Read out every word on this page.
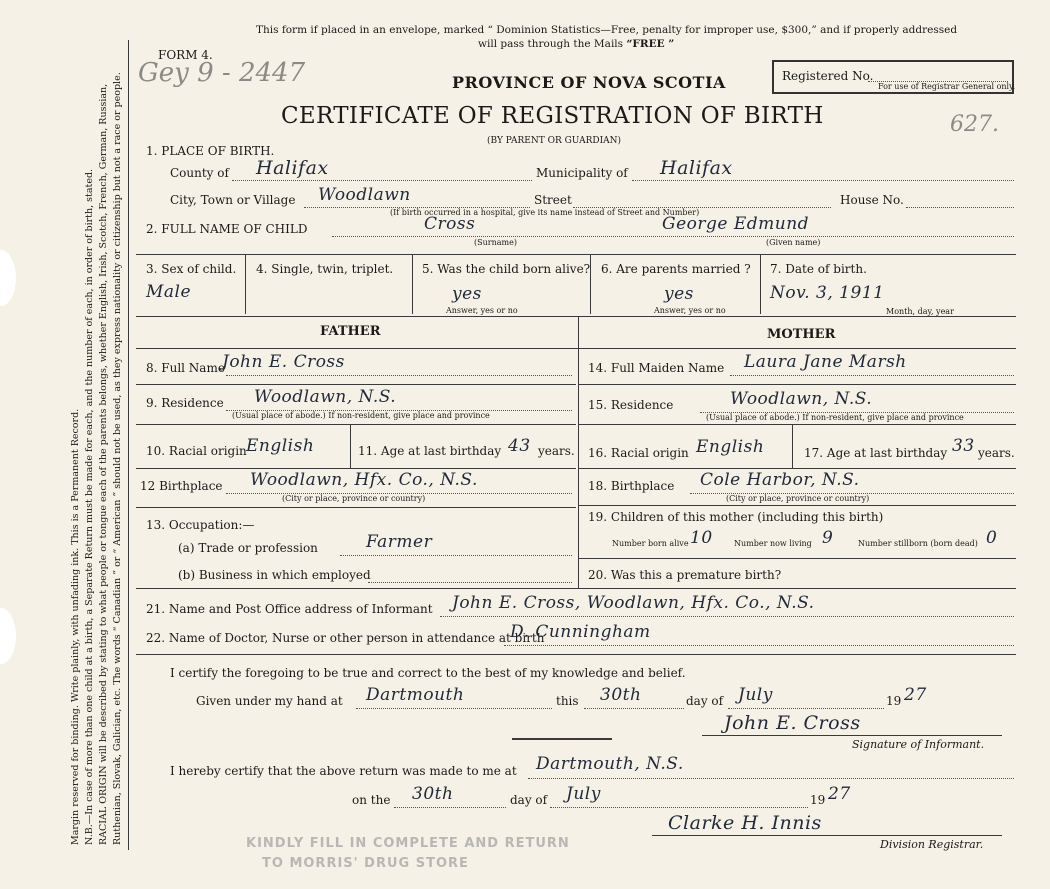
Margin reserved for binding. Write plainly, with unfading ink. This is a Permanent Record. N.B.—In case of more than one child at a birth, a Separate Return must be made for each, and the number of each, in order of birth, stated. RACIAL ORIGIN will be described by stating to what people or tongue each of the parents belongs, whether English, Irish, Scotch, French, German, Russian, Ruthenian, Slovak, Galician, etc. The words “ Canadian ” or “ American ” should not be used, as they express nationality or citizenship but not a race or people.
This form if placed in an envelope, marked “ Dominion Statistics—Free, penalty for improper use, $300,” and if properly addressed
will pass through the Mails “FREE ”
FORM 4.
Gey 9 - 2447	PROVINCE OF NOVA SCOTIA
CERTIFICATE OF REGISTRATION OF BIRTH
(BY PARENT OR GUARDIAN)
Registered No.
For use of Registrar General only.
627.
1. PLACE OF BIRTH.
County of Halifax	Municipality of Halifax
City, Town or Village Woodlawn	Street	House No.
(If birth occurred in a hospital, give its name instead of Street and Number)
2. FULL NAME OF CHILD	Cross
(Surname)
George Edmund
(Given name)
3. Sex of child.
Male
4. Single, twin, triplet. 5. Was the child born alive?
yes
Answer, yes or no
6. Are parents married ?
yes
Answer, yes or no
7. Date of birth.
Nov. 3, 1911
Month, day, year
FATHER	MOTHER
8. Full Name
John E. Cross
9. Residence Woodlawn, N.S.
(Usual place of abode.) If non-resident, give place and province
10. Racial origin English	11. Age at last birthday 43 years.
12 Birthplace Woodlawn, Hfx. Co., N.S.
(City or place, province or country)
13. Occupation:—
(a) Trade or profession	Farmer
(b) Business in which employed
14. Full Maiden Name Laura Jane Marsh
15. Residence	Woodlawn, N.S.
(Usual place of abode.) If non-resident, give place and province
16. Racial origin English	17. Age at last birthday 33 years.
18. Birthplace Cole Harbor, N.S.
(City or place, province or country)
19. Children of this mother (including this birth)
Number born alive 10	Number now living 9	Number stillborn (born dead) 0
20. Was this a premature birth?
21. Name and Post Office address of Informant John E. Cross, Woodlawn, Hfx. Co., N.S.
22. Name of Doctor, Nurse or other person in attendance at birth
D. Cunningham
I certify the foregoing to be true and correct to the best of my knowledge and belief.
Given under my hand at Dartmouth	this 30th	day of July	19 27
John E. Cross
Signature of Informant.
I hereby certify that the above return was made to me at Dartmouth, N.S.
on the 30th	day of July	19 27
Clarke H. Innis
Division Registrar.
KINDLY FILL IN COMPLETE AND RETURN
TO MORRIS' DRUG STORE
